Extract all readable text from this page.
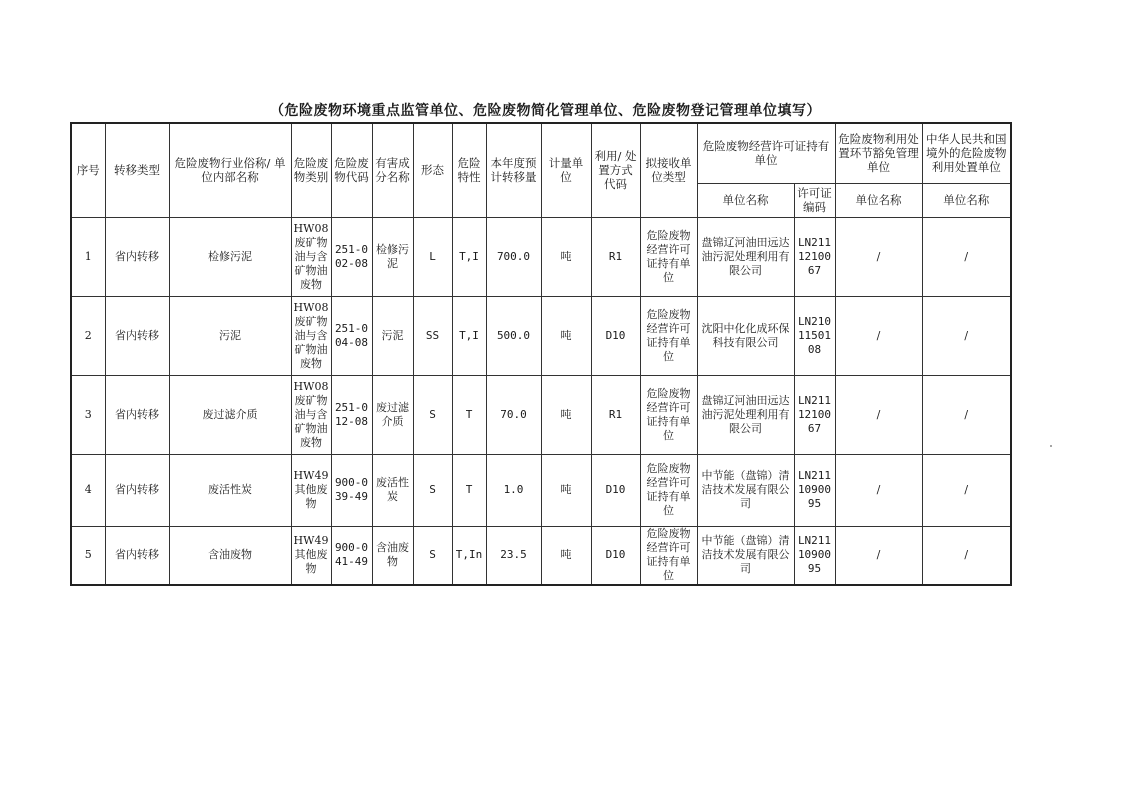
（危险废物环境重点监管单位、危险废物简化管理单位、危险废物登记管理单位填写）
序号	转移类型	危险废物行业俗称/ 单位内部名称	危险废物类别	危险废物代码	有害成分名称	形态	危险特性	本年度预计转移量	计量单位	利用/ 处置方式代码	拟接收单位类型	危险废物经营许可证持有单位		危险废物利用处置环节豁免管理单位	中华人民共和国境外的危险废物利用处置单位
												单位名称	许可证编码	单位名称	单位名称
1	省内转移	检修污泥	HW08废矿物油与含矿物油废物	251-002-08	检修污泥	L	T,I	700.0	吨	R1	危险废物经营许可证持有单位	盘锦辽河油田远达油污泥处理利用有限公司	LN2111210067	/	/
2	省内转移	污泥	HW08废矿物油与含矿物油废物	251-004-08	污泥	SS	T,I	500.0	吨	D10	危险废物经营许可证持有单位	沈阳中化化成环保科技有限公司	LN2101150108	/	/
3	省内转移	废过滤介质	HW08废矿物油与含矿物油废物	251-012-08	废过滤介质	S	T	70.0	吨	R1	危险废物经营许可证持有单位	盘锦辽河油田远达油污泥处理利用有限公司	LN2111210067	/	/
4	省内转移	废活性炭	HW49其他废物	900-039-49	废活性炭	S	T	1.0	吨	D10	危险废物经营许可证持有单位	中节能（盘锦）清洁技术发展有限公司	LN2111090095	/	/
5	省内转移	含油废物	HW49其他废物	900-041-49	含油废物	S	T,In	23.5	吨	D10	危险废物经营许可证持有单位	中节能（盘锦）清洁技术发展有限公司	LN2111090095	/	/
